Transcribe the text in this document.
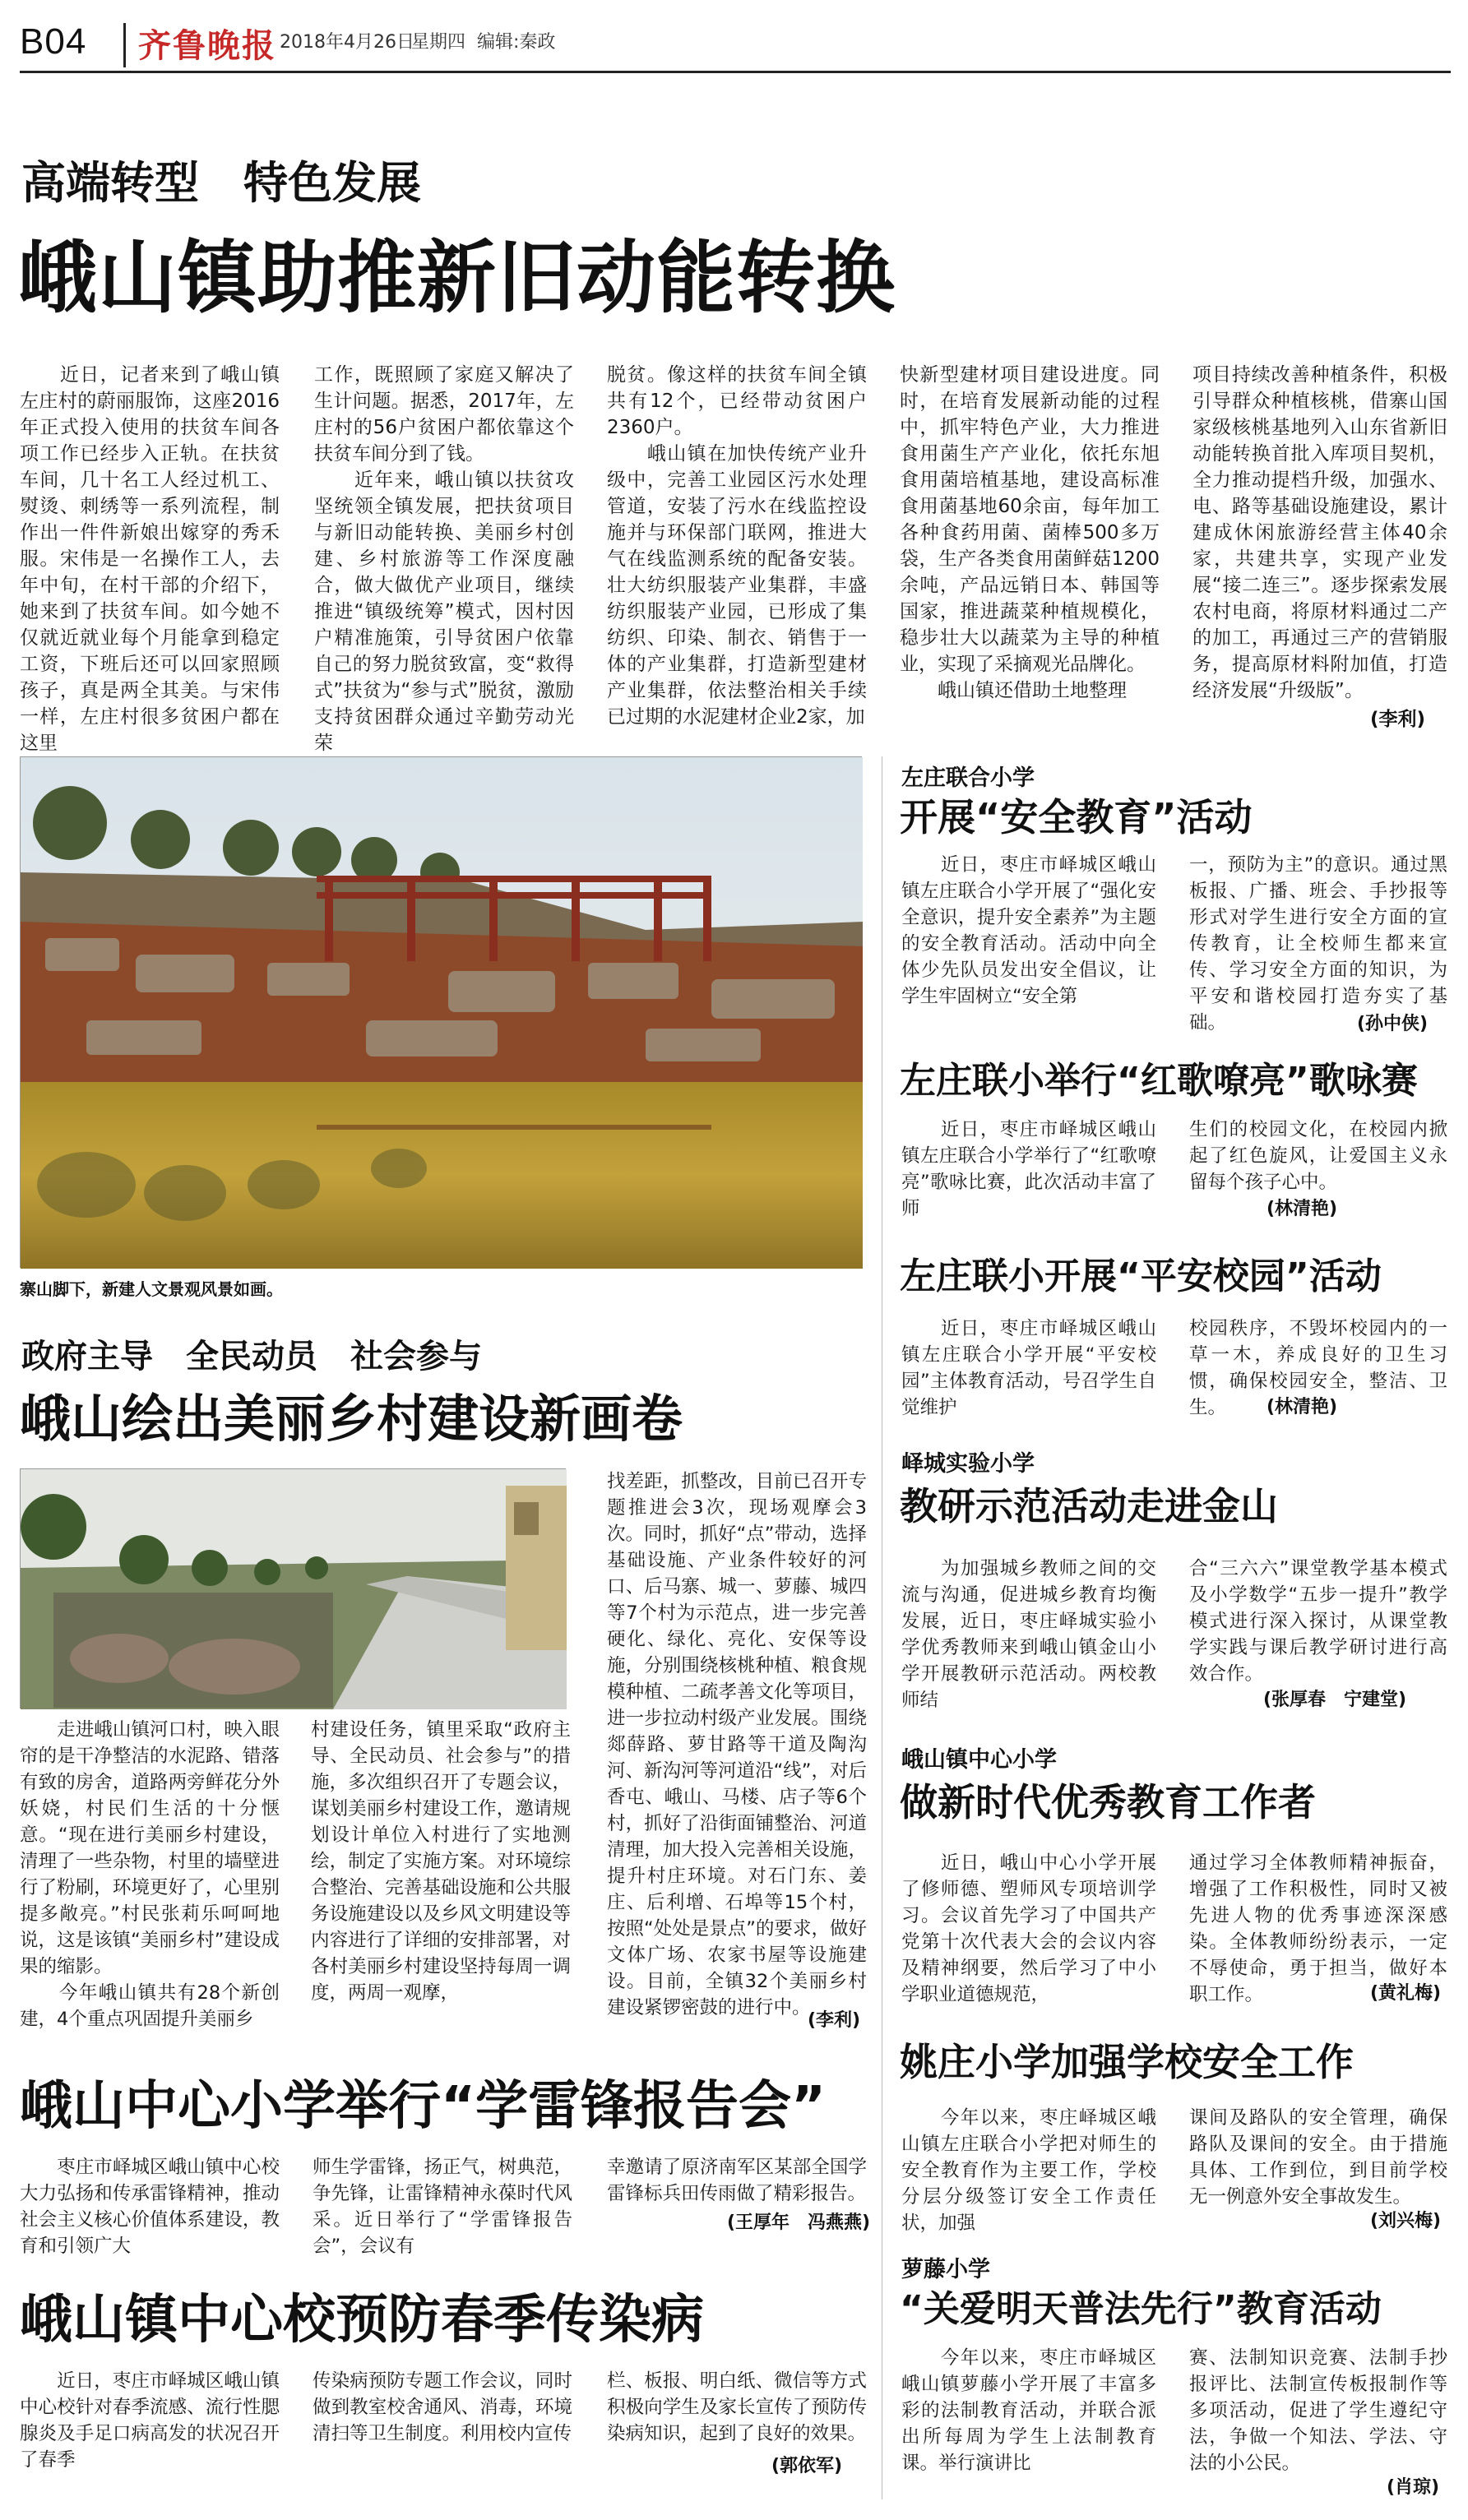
B04 齐鲁晚报 2018年4月26日
星期四 编辑:秦政
高端转型　特色发展
峨山镇助推新旧动能转换
　　近日，记者来到了峨山镇左庄村的蔚丽服饰，这座2016年正式投入使用的扶贫车间各项工作已经步入正轨。在扶贫车间，几十名工人经过机工、熨烫、刺绣等一系列流程，制作出一件件新娘出嫁穿的秀禾服。宋伟是一名操作工人，去年中旬，在村干部的介绍下，她来到了扶贫车间。如今她不仅就近就业每个月能拿到稳定工资，下班后还可以回家照顾孩子，真是两全其美。与宋伟一样，左庄村很多贫困户都在这里
工作，既照顾了家庭又解决了生计问题。据悉，2017年，左庄村的56户贫困户都依靠这个扶贫车间分到了钱。
　　近年来，峨山镇以扶贫攻坚统领全镇发展，把扶贫项目与新旧动能转换、美丽乡村创建、乡村旅游等工作深度融合，做大做优产业项目，继续推进“镇级统筹”模式，因村因户精准施策，引导贫困户依靠自己的努力脱贫致富，变“救得式”扶贫为“参与式”脱贫，激励支持贫困群众通过辛勤劳动光荣
脱贫。像这样的扶贫车间全镇共有12个，已经带动贫困户2360户。
　　峨山镇在加快传统产业升级中，完善工业园区污水处理管道，安装了污水在线监控设施并与环保部门联网，推进大气在线监测系统的配备安装。壮大纺织服装产业集群，丰盛纺织服装产业园，已形成了集纺织、印染、制衣、销售于一体的产业集群，打造新型建材产业集群，依法整治相关手续已过期的水泥建材企业2家，加
快新型建材项目建设进度。同时，在培育发展新动能的过程中，抓牢特色产业，大力推进食用菌生产产业化，依托东旭食用菌培植基地，建设高标准食用菌基地60余亩，每年加工各种食药用菌、菌棒500多万袋，生产各类食用菌鲜菇1200余吨，产品远销日本、韩国等国家，推进蔬菜种植规模化，稳步壮大以蔬菜为主导的种植业，实现了采摘观光品牌化。
　　峨山镇还借助土地整理
项目持续改善种植条件，积极引导群众种植核桃，借寨山国家级核桃基地列入山东省新旧动能转换首批入库项目契机，全力推动提档升级，加强水、电、路等基础设施建设，累计建成休闲旅游经营主体40余家，共建共享，实现产业发展“接二连三”。逐步探索发展农村电商，将原材料通过二产的加工，再通过三产的营销服务，提高原材料附加值，打造经济发展“升级版”。
(李利)
寨山脚下，新建人文景观风景如画。
政府主导　全民动员　社会参与
峨山绘出美丽乡村建设新画卷
　　走进峨山镇河口村，映入眼帘的是干净整洁的水泥路、错落有致的房舍，道路两旁鲜花分外妖娆，村民们生活的十分惬意。“现在进行美丽乡村建设，清理了一些杂物，村里的墙壁进行了粉刷，环境更好了，心里别提多敞亮。”村民张莉乐呵呵地说，这是该镇“美丽乡村”建设成果的缩影。
　　今年峨山镇共有28个新创建，4个重点巩固提升美丽乡
村建设任务，镇里采取“政府主导、全民动员、社会参与”的措施，多次组织召开了专题会议，谋划美丽乡村建设工作，邀请规划设计单位入村进行了实地测绘，制定了实施方案。对环境综合整治、完善基础设施和公共服务设施建设以及乡风文明建设等内容进行了详细的安排部署，对各村美丽乡村建设坚持每周一调度，两周一观摩，
找差距，抓整改，目前已召开专题推进会3次，现场观摩会3次。同时，抓好“点”带动，选择基础设施、产业条件较好的河口、后马寨、城一、萝藤、城四等7个村为示范点，进一步完善硬化、绿化、亮化、安保等设施，分别围绕核桃种植、粮食规模种植、二疏孝善文化等项目，进一步拉动村级产业发展。围绕郯薛路、萝甘路等干道及陶沟河、新沟河等河道沿“线”，对后香屯、峨山、马楼、店子等6个村，抓好了沿街面铺整治、河道清理，加大投入完善相关设施，提升村庄环境。对石门东、姜庄、后利增、石埠等15个村，按照“处处是景点”的要求，做好文体广场、农家书屋等设施建设。目前，全镇32个美丽乡村建设紧锣密鼓的进行中。
(李利)
峨山中心小学举行“学雷锋报告会”
　　枣庄市峄城区峨山镇中心校大力弘扬和传承雷锋精神，推动社会主义核心价值体系建设，教育和引领广大
师生学雷锋，扬正气，树典范，争先锋，让雷锋精神永葆时代风采。近日举行了“学雷锋报告会”，会议有
幸邀请了原济南军区某部全国学雷锋标兵田传雨做了精彩报告。
(王厚年　冯燕燕)
峨山镇中心校预防春季传染病
　　近日，枣庄市峄城区峨山镇中心校针对春季流感、流行性腮腺炎及手足口病高发的状况召开了春季
传染病预防专题工作会议，同时做到教室校舍通风、消毒，环境清扫等卫生制度。利用校内宣传
栏、板报、明白纸、微信等方式积极向学生及家长宣传了预防传染病知识，起到了良好的效果。
(郭依军)
左庄联合小学
开展“安全教育”活动
　　近日，枣庄市峄城区峨山镇左庄联合小学开展了“强化安全意识，提升安全素养”为主题的安全教育活动。活动中向全体少先队员发出安全倡议，让学生牢固树立“安全第
一，预防为主”的意识。通过黑板报、广播、班会、手抄报等形式对学生进行安全方面的宣传教育，让全校师生都来宣传、学习安全方面的知识，为平安和谐校园打造夯实了基础。	(孙中侠)
左庄联小举行“红歌嘹亮”歌咏赛
　　近日，枣庄市峄城区峨山镇左庄联合小学举行了“红歌嘹亮”歌咏比赛，此次活动丰富了师
生们的校园文化，在校园内掀起了红色旋风，让爱国主义永留每个孩子心中。
(林清艳)
左庄联小开展“平安校园”活动
　　近日，枣庄市峄城区峨山镇左庄联合小学开展“平安校园”主体教育活动，号召学生自觉维护
校园秩序，不毁坏校园内的一草一木，养成良好的卫生习惯，确保校园安全，整洁、卫生。	(林清艳)
峄城实验小学
教研示范活动走进金山
　　为加强城乡教师之间的交流与沟通，促进城乡教育均衡发展，近日，枣庄峄城实验小学优秀教师来到峨山镇金山小学开展教研示范活动。两校教师结
合“三六六”课堂教学基本模式及小学数学“五步一提升”教学模式进行深入探讨，从课堂教学实践与课后教学研讨进行高效合作。
(张厚春　宁建堂)
峨山镇中心小学
做新时代优秀教育工作者
　　近日，峨山中心小学开展了修师德、塑师风专项培训学习。会议首先学习了中国共产党第十次代表大会的会议内容及精神纲要，然后学习了中小学职业道德规范，
通过学习全体教师精神振奋，增强了工作积极性，同时又被先进人物的优秀事迹深深感染。全体教师纷纷表示，一定不辱使命，勇于担当，做好本职工作。	(黄礼梅)
姚庄小学加强学校安全工作
　　今年以来，枣庄峄城区峨山镇左庄联合小学把对师生的安全教育作为主要工作，学校分层分级签订安全工作责任状，加强
课间及路队的安全管理，确保路队及课间的安全。由于措施具体、工作到位，到目前学校无一例意外安全事故发生。
(刘兴梅)
萝藤小学
“关爱明天普法先行”教育活动
　　今年以来，枣庄市峄城区峨山镇萝藤小学开展了丰富多彩的法制教育活动，并联合派出所每周为学生上法制教育课。举行演讲比
赛、法制知识竞赛、法制手抄报评比、法制宣传板报制作等多项活动，促进了学生遵纪守法，争做一个知法、学法、守法的小公民。
(肖琼)
